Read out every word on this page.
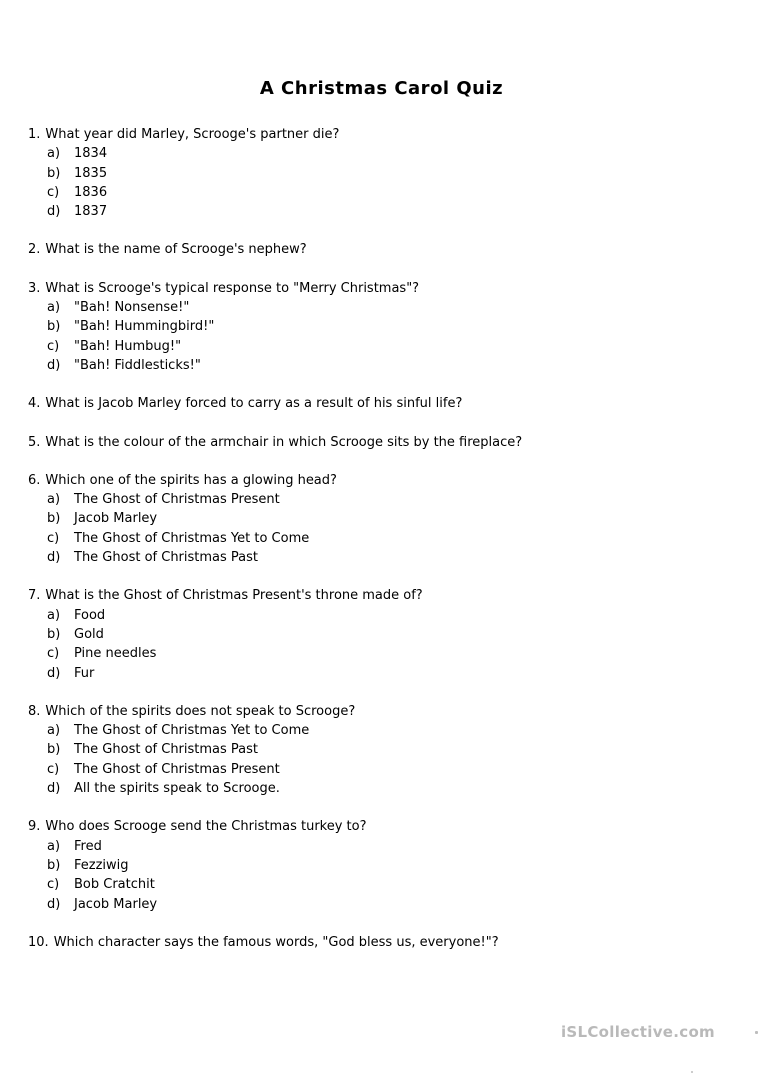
A Christmas Carol Quiz
1. What year did Marley, Scrooge's partner die?
a)	1834
b)	1835
c)	1836
d)	1837
2. What is the name of Scrooge's nephew?
3. What is Scrooge's typical response to "Merry Christmas"?
a)	"Bah! Nonsense!"
b)	"Bah! Hummingbird!"
c)	"Bah! Humbug!"
d)	"Bah! Fiddlesticks!"
4. What is Jacob Marley forced to carry as a result of his sinful life?
5. What is the colour of the armchair in which Scrooge sits by the fireplace?
6. Which one of the spirits has a glowing head?
a)	The Ghost of Christmas Present
b)	Jacob Marley
c)	The Ghost of Christmas Yet to Come
d)	The Ghost of Christmas Past
7. What is the Ghost of Christmas Present's throne made of?
a)	Food
b)	Gold
c)	Pine needles
d)	Fur
8. Which of the spirits does not speak to Scrooge?
a)	The Ghost of Christmas Yet to Come
b)	The Ghost of Christmas Past
c)	The Ghost of Christmas Present
d)	All the spirits speak to Scrooge.
9. Who does Scrooge send the Christmas turkey to?
a)	Fred
b)	Fezziwig
c)	Bob Cratchit
d)	Jacob Marley
10. Which character says the famous words, "God bless us, everyone!"?
iSLCollective.com
